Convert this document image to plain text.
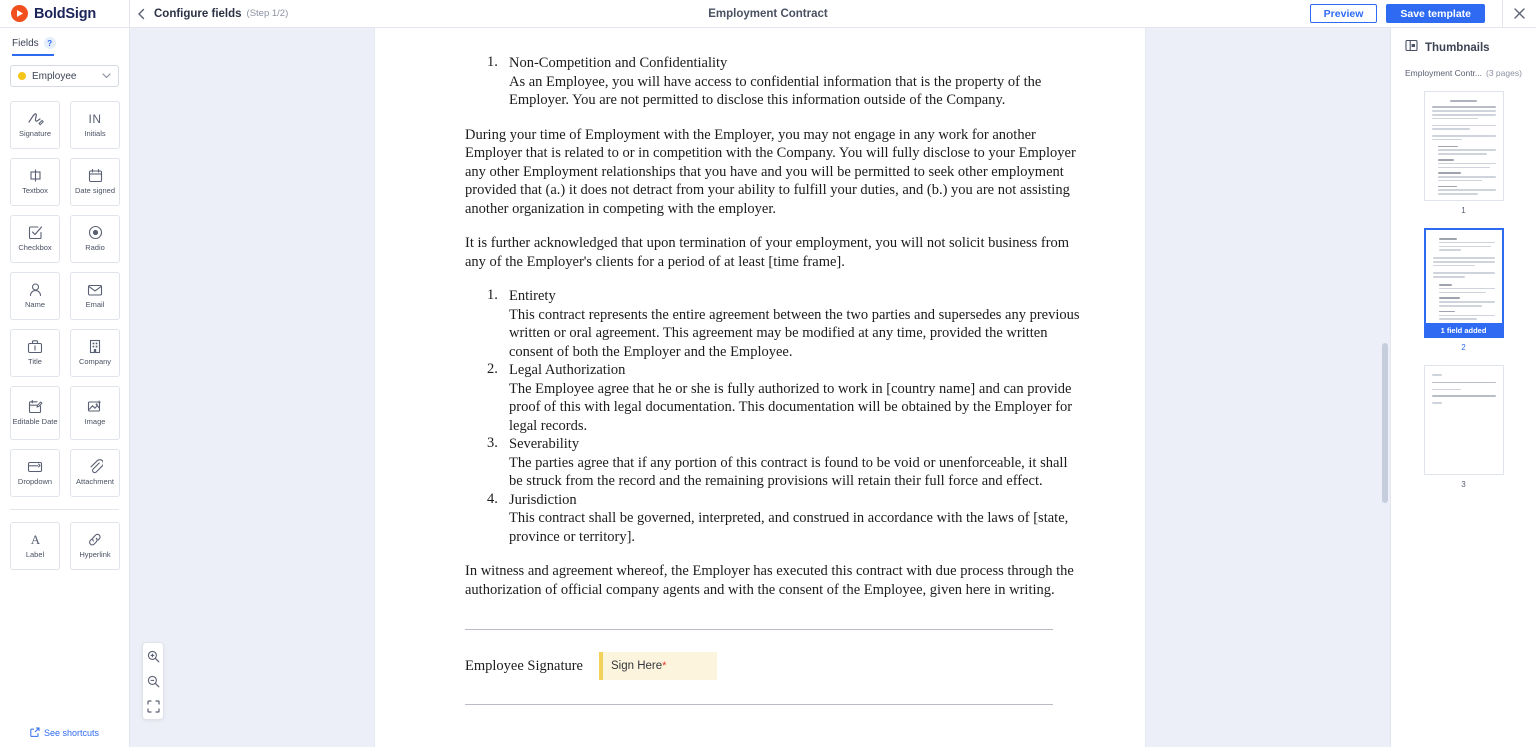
BoldSign	Configure fields (Step 1/2)	Employment Contract	Preview	Save template
Fields	?
Employee
Signature
IN
Initials
Textbox	Date signed
Checkbox	Radio
Name	Email
Title	Company
Editable Date	Image
Dropdown	Attachment
A
Label	Hyperlink
See shortcuts
1. Non-Competition and Confidentiality
As an Employee, you will have access to confidential information that is the property of the Employer. You are not permitted to disclose this information outside of the Company.
During your time of Employment with the Employer, you may not engage in any work for another Employer that is related to or in competition with the Company. You will fully disclose to your Employer any other Employment relationships that you have and you will be permitted to seek other employment provided that (a.) it does not detract from your ability to fulfill your duties, and (b.) you are not assisting another organization in competing with the employer.
It is further acknowledged that upon termination of your employment, you will not solicit business from any of the Employer's clients for a period of at least [time frame].
1. Entirety
This contract represents the entire agreement between the two parties and supersedes any previous written or oral agreement. This agreement may be modified at any time, provided the written consent of both the Employer and the Employee.
2. Legal Authorization
The Employee agree that he or she is fully authorized to work in [country name] and can provide proof of this with legal documentation. This documentation will be obtained by the Employer for legal records.
3. Severability
The parties agree that if any portion of this contract is found to be void or unenforceable, it shall be struck from the record and the remaining provisions will retain their full force and effect.
4. Jurisdiction
This contract shall be governed, interpreted, and construed in accordance with the laws of [state, province or territory].
In witness and agreement whereof, the Employer has executed this contract with due process through the authorization of official company agents and with the consent of the Employee, given here in writing.
Employee Signature Sign Here *
Thumbnails
Employment Contr... (3 pages)
1
1 field added
2
3
